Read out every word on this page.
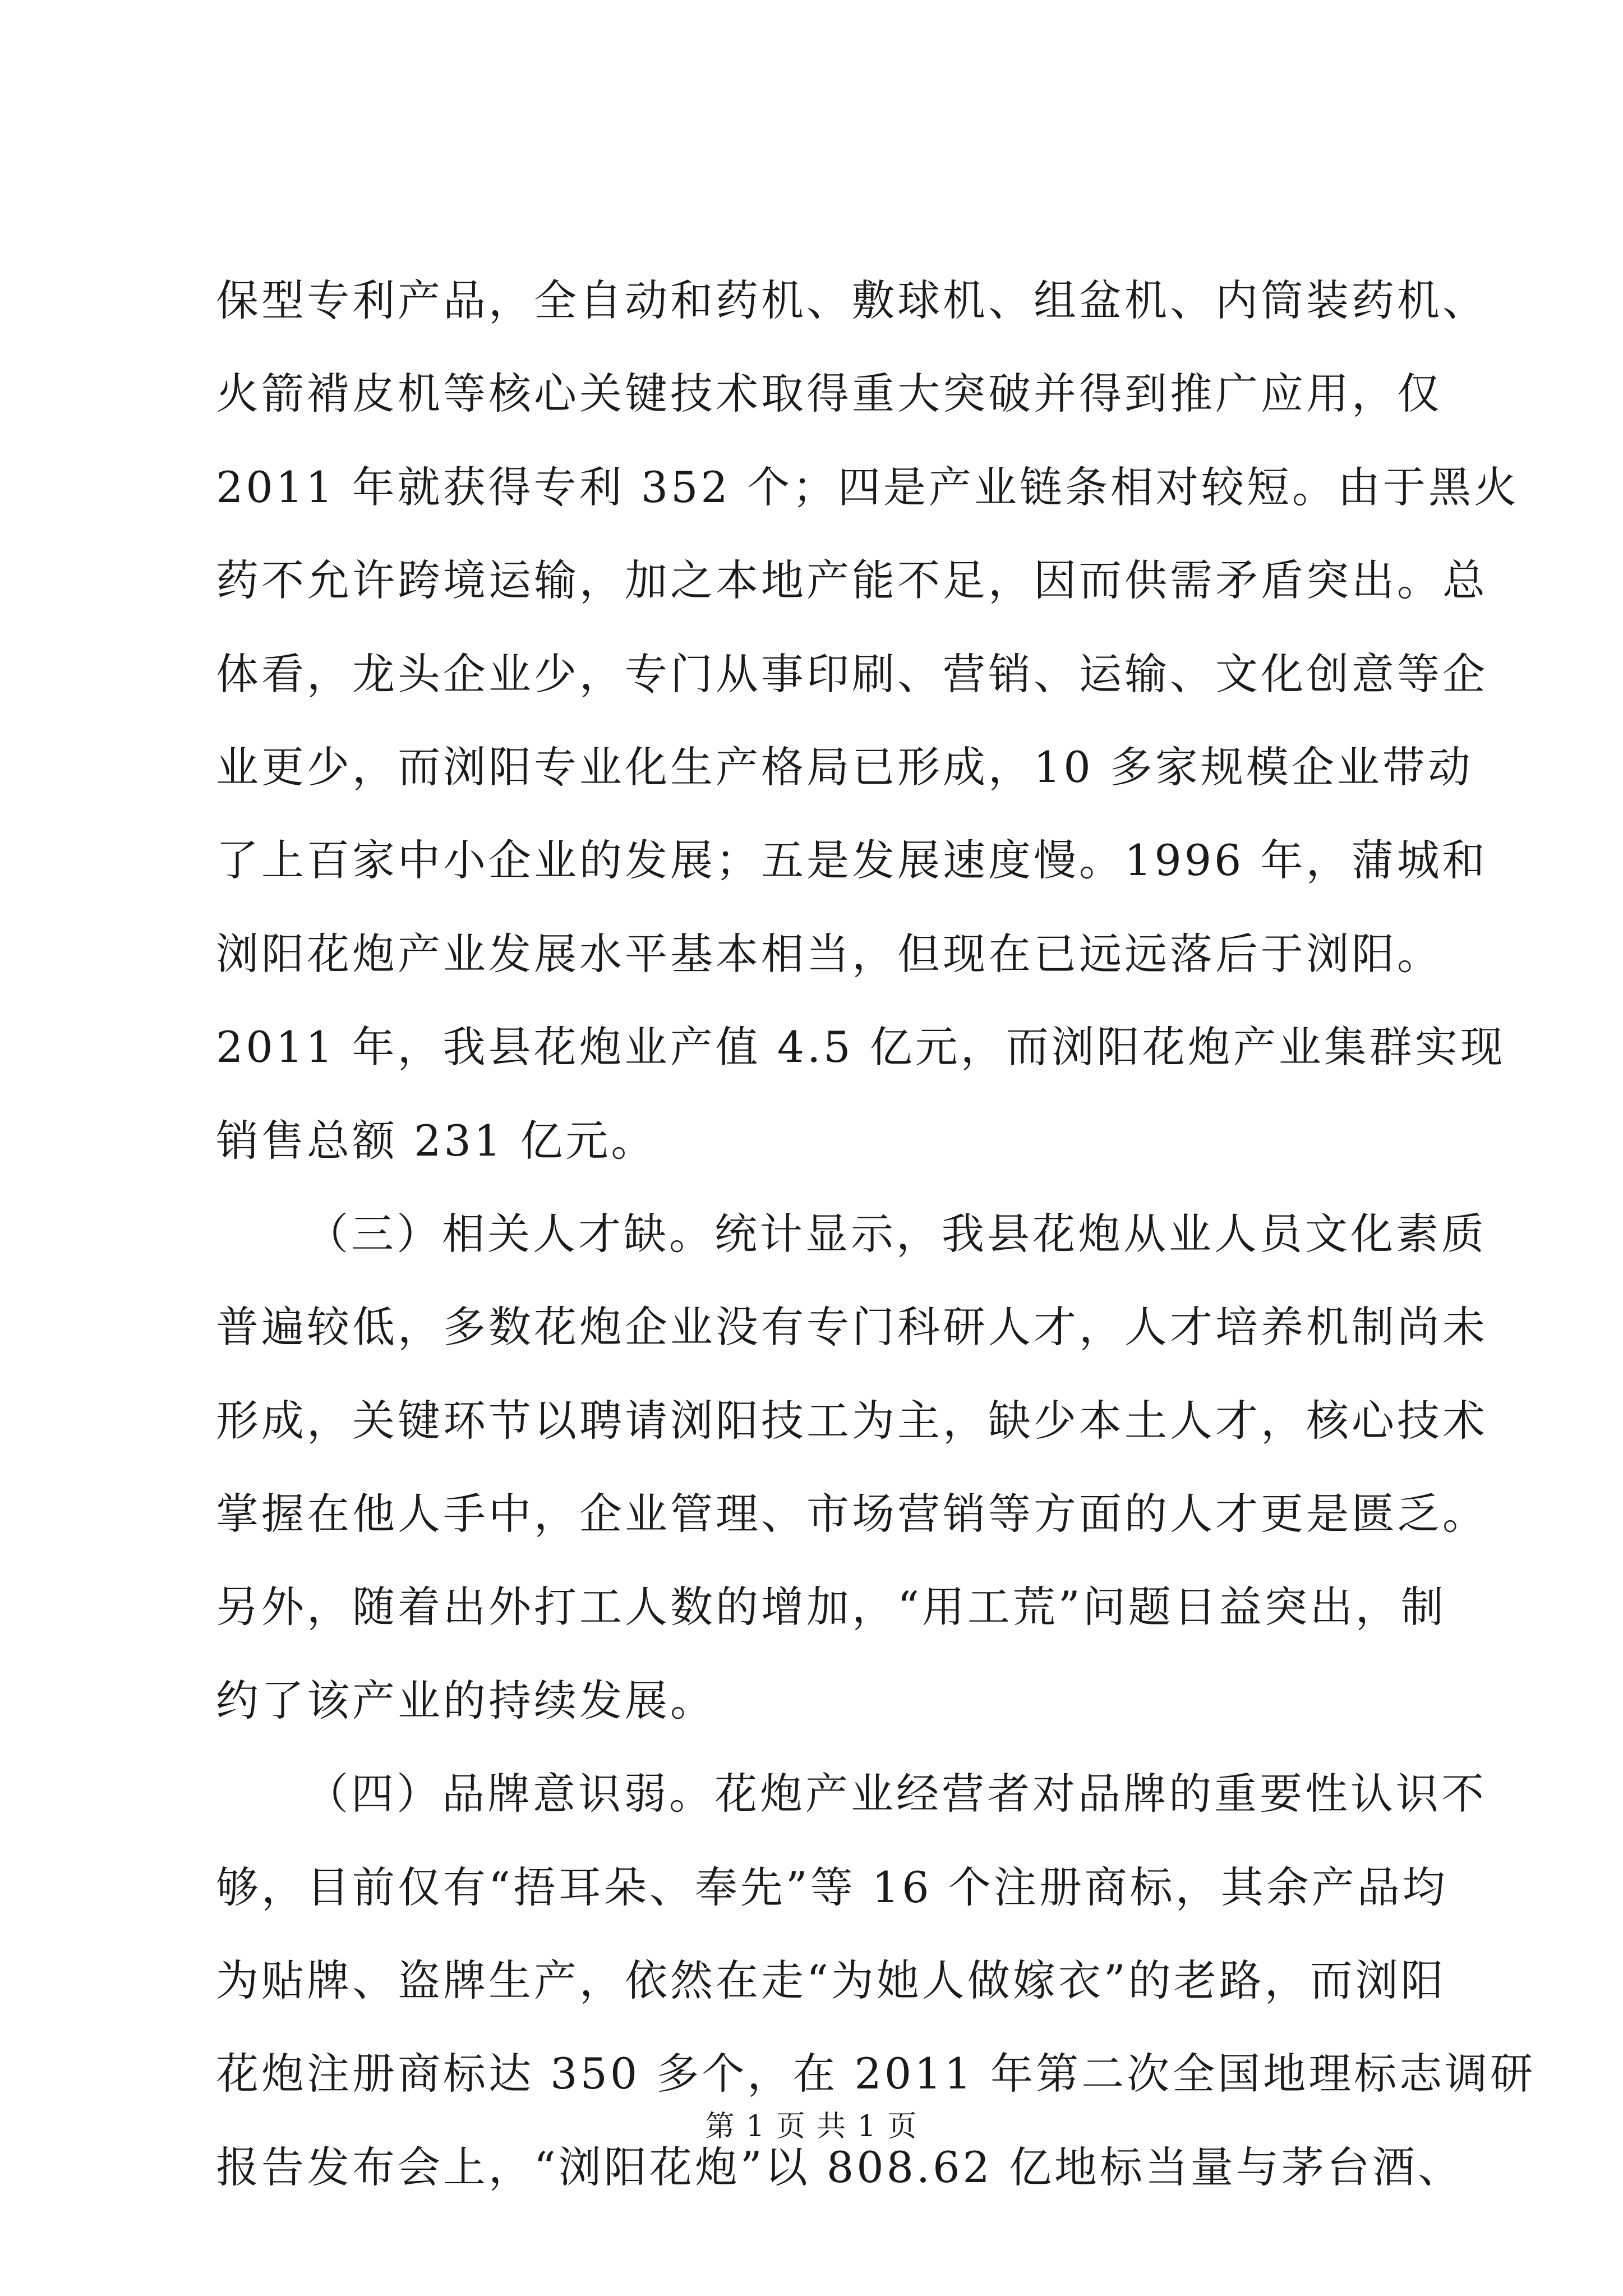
保型专利产品，全自动和药机、敷球机、组盆机、内筒装药机、
火箭褙皮机等核心关键技术取得重大突破并得到推广应用，仅
2011 年就获得专利 352 个；四是产业链条相对较短。由于黑火
药不允许跨境运输，加之本地产能不足，因而供需矛盾突出。总
体看，龙头企业少，专门从事印刷、营销、运输、文化创意等企
业更少，而浏阳专业化生产格局已形成，10 多家规模企业带动
了上百家中小企业的发展；五是发展速度慢。1996 年，蒲城和
浏阳花炮产业发展水平基本相当，但现在已远远落后于浏阳。
2011 年，我县花炮业产值 4.5 亿元，而浏阳花炮产业集群实现
销售总额 231 亿元。
（三）相关人才缺。统计显示，我县花炮从业人员文化素质
普遍较低，多数花炮企业没有专门科研人才，人才培养机制尚未
形成，关键环节以聘请浏阳技工为主，缺少本土人才，核心技术
掌握在他人手中，企业管理、市场营销等方面的人才更是匮乏。
另外，随着出外打工人数的增加，“用工荒”问题日益突出，制
约了该产业的持续发展。
（四）品牌意识弱。花炮产业经营者对品牌的重要性认识不
够，目前仅有“捂耳朵、奉先”等 16 个注册商标，其余产品均
为贴牌、盗牌生产，依然在走“为她人做嫁衣”的老路，而浏阳
花炮注册商标达 350 多个，在 2011 年第二次全国地理标志调研
报告发布会上，“浏阳花炮”以 808.62 亿地标当量与茅台酒、
第 1 页 共 1 页
